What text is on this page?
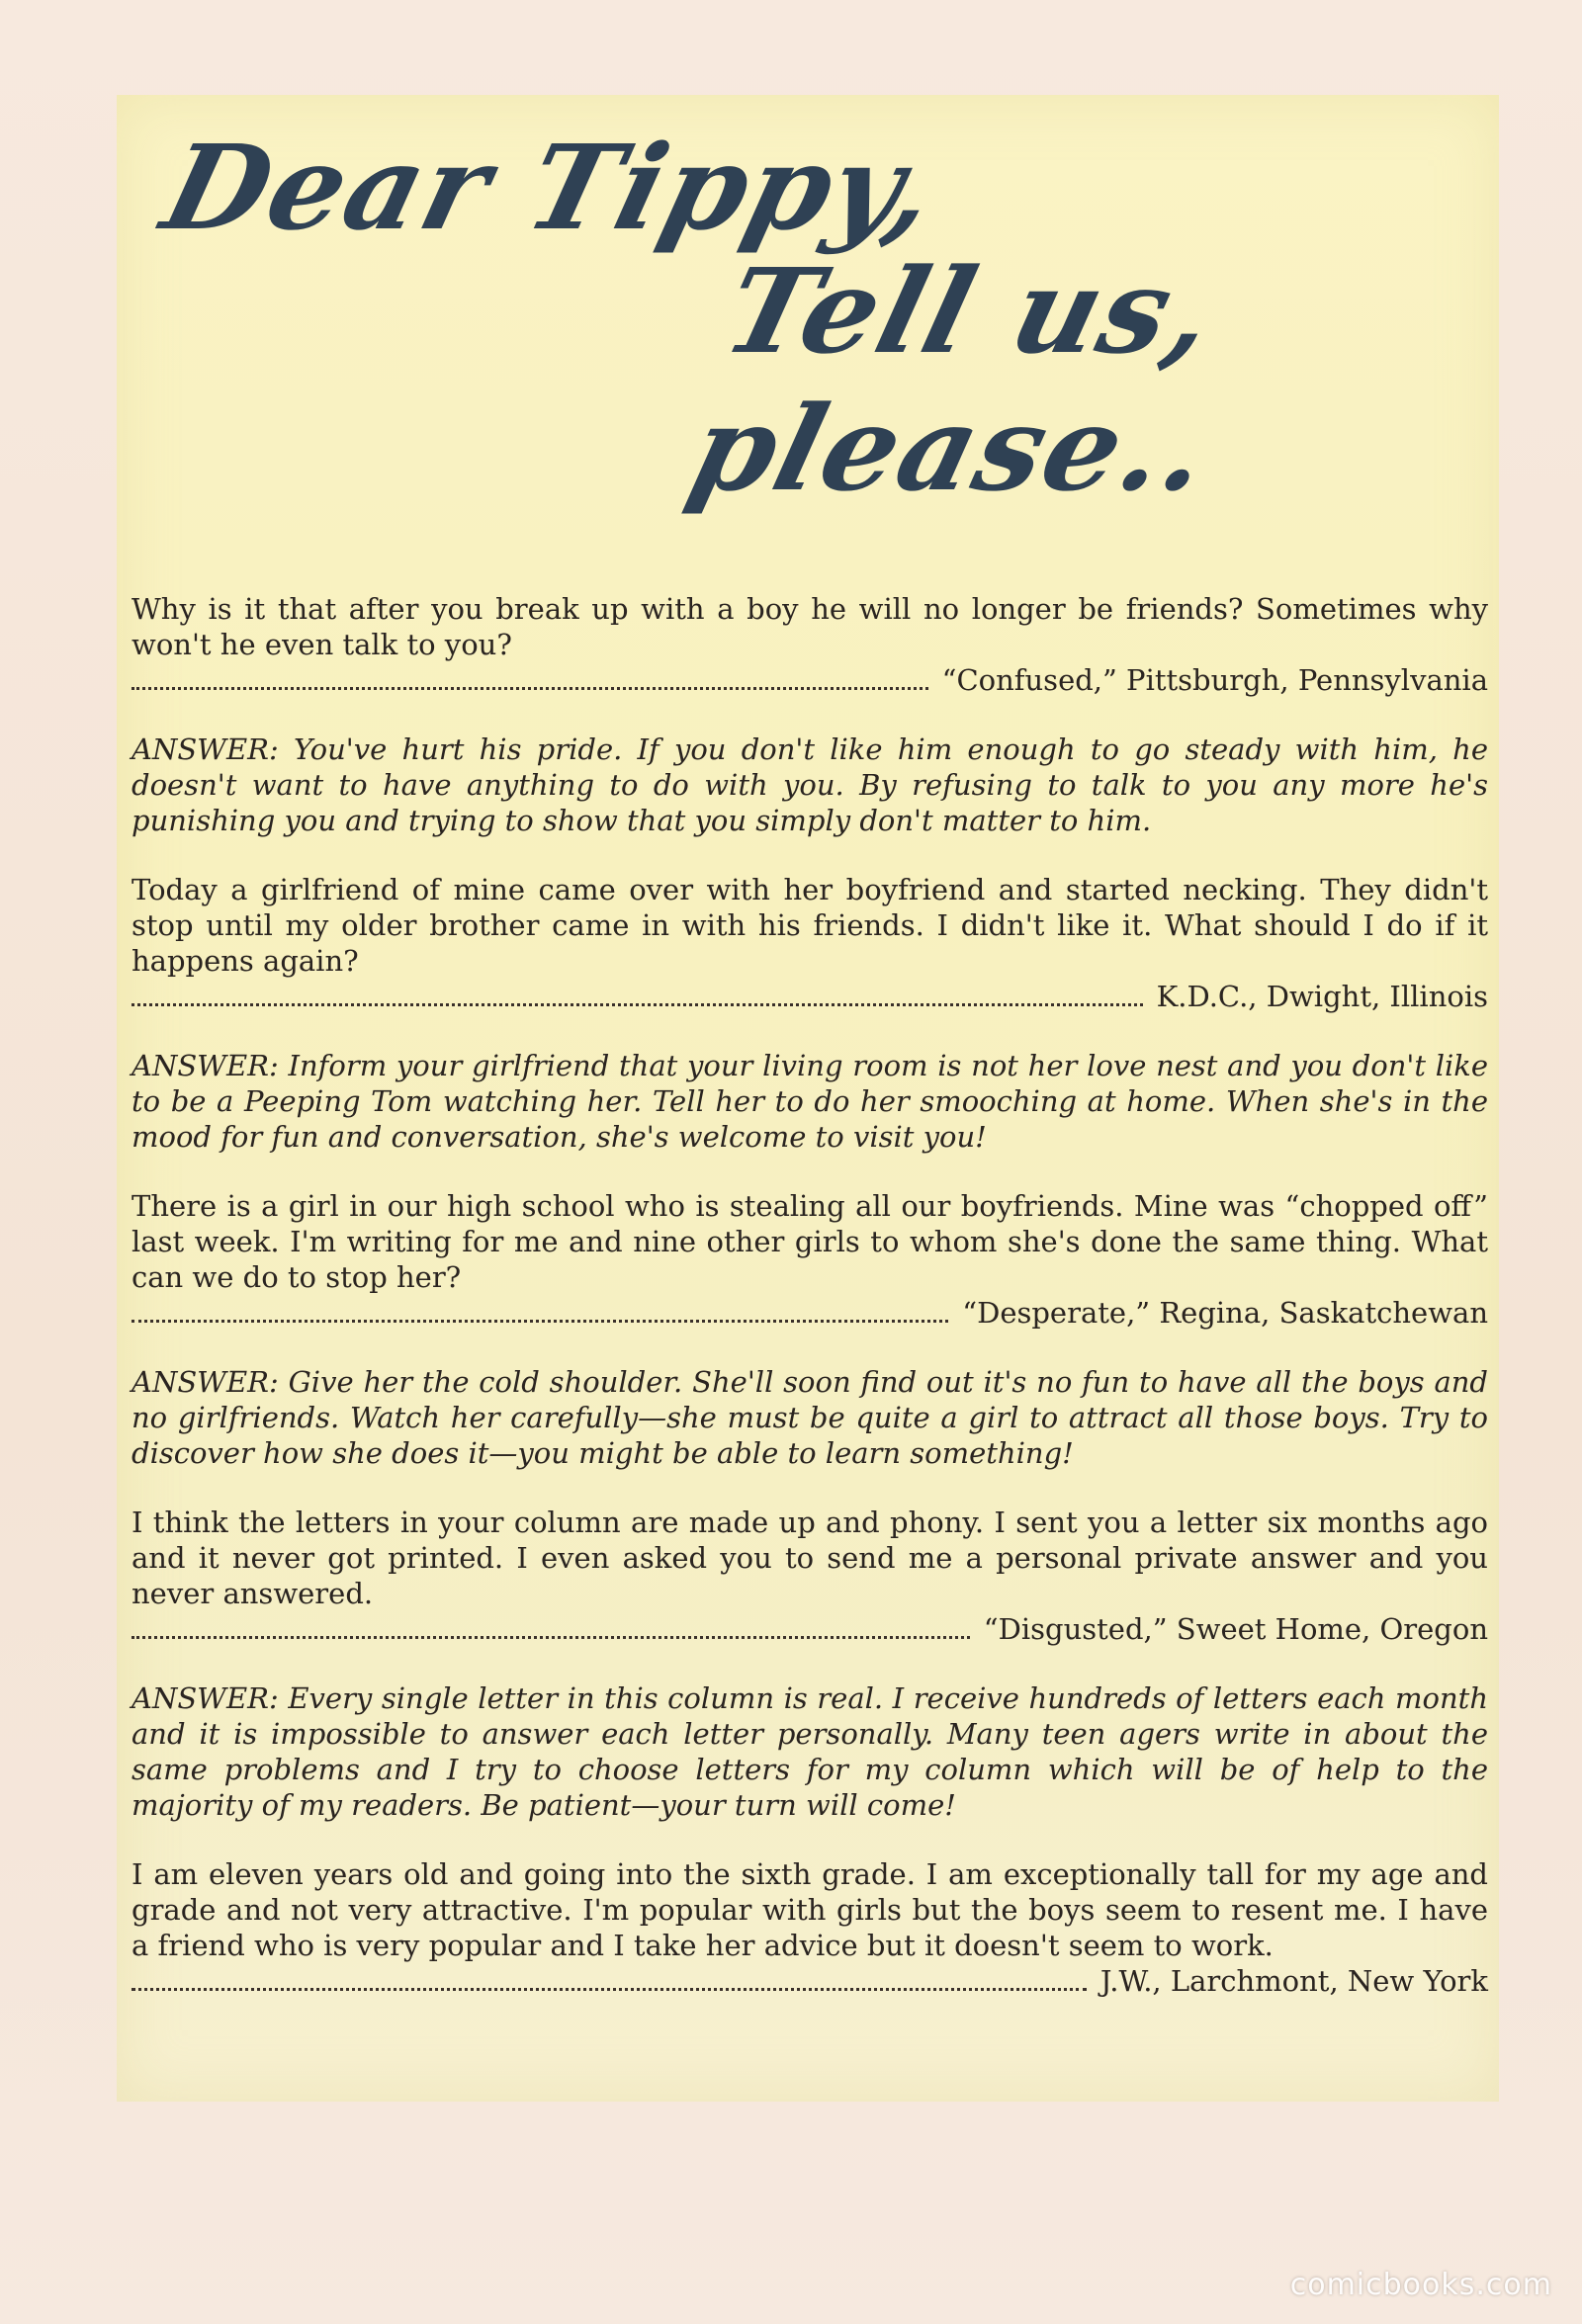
Dear Tippy,
Tell us, please..

Why is it that after you break up with a boy he will no longer be friends? Sometimes why won't he even talk to you?

“Confused,” Pittsburgh, Pennsylvania

ANSWER: You've hurt his pride. If you don't like him enough to go steady with him, he doesn't want to have anything to do with you. By refusing to talk to you any more he's punishing you and trying to show that you simply don't matter to him.

Today a girlfriend of mine came over with her boyfriend and started necking. They didn't stop until my older brother came in with his friends. I didn't like it. What should I do if it happens again?

K.D.C., Dwight, Illinois

ANSWER: Inform your girlfriend that your living room is not her love nest and you don't like to be a Peeping Tom watching her. Tell her to do her smooching at home. When she's in the mood for fun and conversation, she's welcome to visit you!

There is a girl in our high school who is stealing all our boyfriends. Mine was “chopped off” last week. I'm writing for me and nine other girls to whom she's done the same thing. What can we do to stop her?

“Desperate,” Regina, Saskatchewan

ANSWER: Give her the cold shoulder. She'll soon find out it's no fun to have all the boys and no girlfriends. Watch her carefully—she must be quite a girl to attract all those boys. Try to discover how she does it—you might be able to learn something!

I think the letters in your column are made up and phony. I sent you a letter six months ago and it never got printed. I even asked you to send me a personal private answer and you never answered.

“Disgusted,” Sweet Home, Oregon

ANSWER: Every single letter in this column is real. I receive hundreds of letters each month and it is impossible to answer each letter personally. Many teen agers write in about the same problems and I try to choose letters for my column which will be of help to the majority of my readers. Be patient—your turn will come!

I am eleven years old and going into the sixth grade. I am exceptionally tall for my age and grade and not very attractive. I'm popular with girls but the boys seem to resent me. I have a friend who is very popular and I take her advice but it doesn't seem to work.

J.W., Larchmont, New York
comicbooks.com
